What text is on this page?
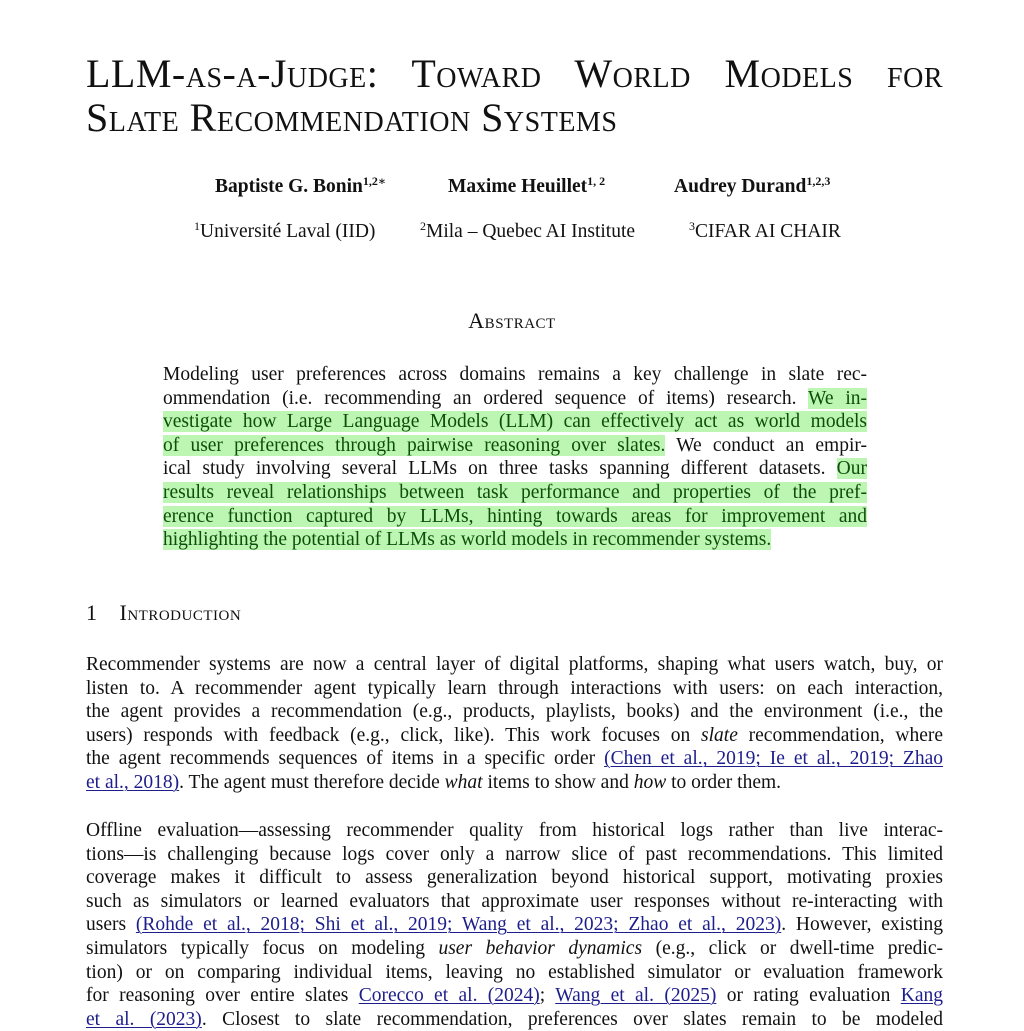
LLM-as-a-Judge: Toward World Models for
Slate Recommendation Systems
Baptiste G. Bonin$^{1,2∗}$	Maxime Heuillet$^{1, 2}$	Audrey Durand$^{1,2,3}$
$^1$Université Laval (IID)	$^2$Mila – Quebec AI Institute	$^3$CIFAR AI CHAIR
Abstract
Modeling user preferences across domains remains a key challenge in slate rec-
ommendation (i.e. recommending an ordered sequence of items) research. We in-
vestigate how Large Language Models (LLM) can effectively act as world models
of user preferences through pairwise reasoning over slates. We conduct an empir-
ical study involving several LLMs on three tasks spanning different datasets. Our
results reveal relationships between task performance and properties of the pref-
erence function captured by LLMs, hinting towards areas for improvement and
highlighting the potential of LLMs as world models in recommender systems.
1 Introduction
Recommender systems are now a central layer of digital platforms, shaping what users watch, buy, or
listen to. A recommender agent typically learn through interactions with users: on each interaction,
the agent provides a recommendation (e.g., products, playlists, books) and the environment (i.e., the
users) responds with feedback (e.g., click, like). This work focuses on slate recommendation, where
the agent recommends sequences of items in a specific order (Chen et al., 2019; Ie et al., 2019; Zhao
et al., 2018). The agent must therefore decide what items to show and how to order them.
Offline evaluation—assessing recommender quality from historical logs rather than live interac-
tions—is challenging because logs cover only a narrow slice of past recommendations. This limited
coverage makes it difficult to assess generalization beyond historical support, motivating proxies
such as simulators or learned evaluators that approximate user responses without re-interacting with
users (Rohde et al., 2018; Shi et al., 2019; Wang et al., 2023; Zhao et al., 2023). However, existing
simulators typically focus on modeling user behavior dynamics (e.g., click or dwell-time predic-
tion) or on comparing individual items, leaving no established simulator or evaluation framework
for reasoning over entire slates Corecco et al. (2024); Wang et al. (2025) or rating evaluation Kang
et al. (2023). Closest to slate recommendation, preferences over slates remain to be modeled
